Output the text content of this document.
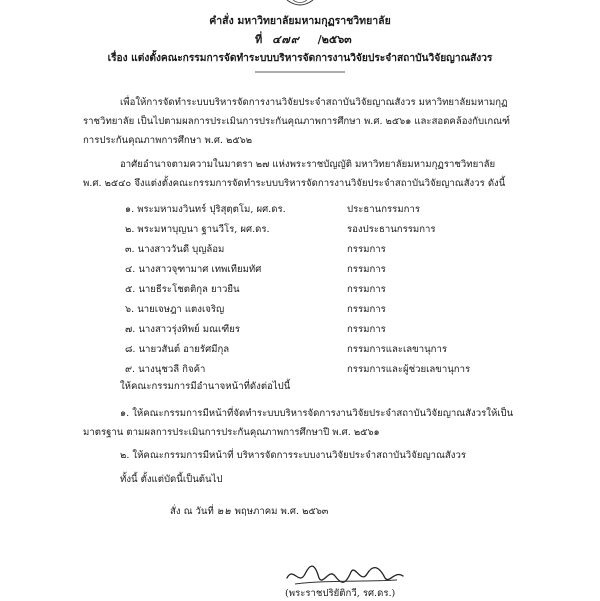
คำสั่ง มหาวิทยาลัยมหามกุฏราชวิทยาลัย
ที่ ๔๗๙ /๒๕๖๓
เรื่อง แต่งตั้งคณะกรรมการจัดทำระบบบริหารจัดการงานวิจัยประจำสถาบันวิจัยญาณสังวร
เพื่อให้การจัดทำระบบบริหารจัดการงานวิจัยประจำสถาบันวิจัยญาณสังวร มหาวิทยาลัยมหามกุฏ
ราชวิทยาลัย เป็นไปตามผลการประเมินการประกันคุณภาพการศึกษา พ.ศ. ๒๕๖๑ และสอดคล้องกับเกณฑ์
การประกันคุณภาพการศึกษา พ.ศ. ๒๕๖๒
อาศัยอำนาจตามความในมาตรา ๒๗ แห่งพระราชบัญญัติ มหาวิทยาลัยมหามกุฏราชวิทยาลัย
พ.ศ. ๒๕๔๐ จึงแต่งตั้งคณะกรรมการจัดทำระบบบริหารจัดการงานวิจัยประจำสถาบันวิจัยญาณสังวร ดังนี้
๑. พระมหามงวินทร์ ปุริสุตฺตโม, ผศ.ดร.	ประธานกรรมการ
๒. พระมหาบุญนา ฐานวีโร, ผศ.ดร.	รองประธานกรรมการ
๓. นางสาววันดี บุญล้อม	กรรมการ
๔. นางสาวจุฑามาศ เทพเทียมทัศ	กรรมการ
๕. นายธีระโชตติกุล ยาวยืน	กรรมการ
๖. นายเจษฎา แตงเจริญ	กรรมการ
๗. นางสาวรุ่งทิพย์ มณเฑียร	กรรมการ
๘. นายวสันต์ อายรัศมีกุล	กรรมการและเลขานุการ
๙. นางนุชวลี กิจค้า	กรรมการและผู้ช่วยเลขานุการ
ให้คณะกรรมการมีอำนาจหน้าที่ดังต่อไปนี้
๑. ให้คณะกรรมการมีหน้าที่จัดทำระบบบริหารจัดการงานวิจัยประจำสถาบันวิจัยญาณสังวรให้เป็น
มาตรฐาน ตามผลการประเมินการประกันคุณภาพการศึกษาปี พ.ศ. ๒๕๖๑
๒. ให้คณะกรรมการมีหน้าที่ บริหารจัดการระบบงานวิจัยประจำสถาบันวิจัยญาณสังวร
ทั้งนี้ ตั้งแต่บัดนี้เป็นต้นไป
สั่ง ณ วันที่ ๒๒ พฤษภาคม พ.ศ. ๒๕๖๓
(พระราชปริยัติกวี, รศ.ดร.)
